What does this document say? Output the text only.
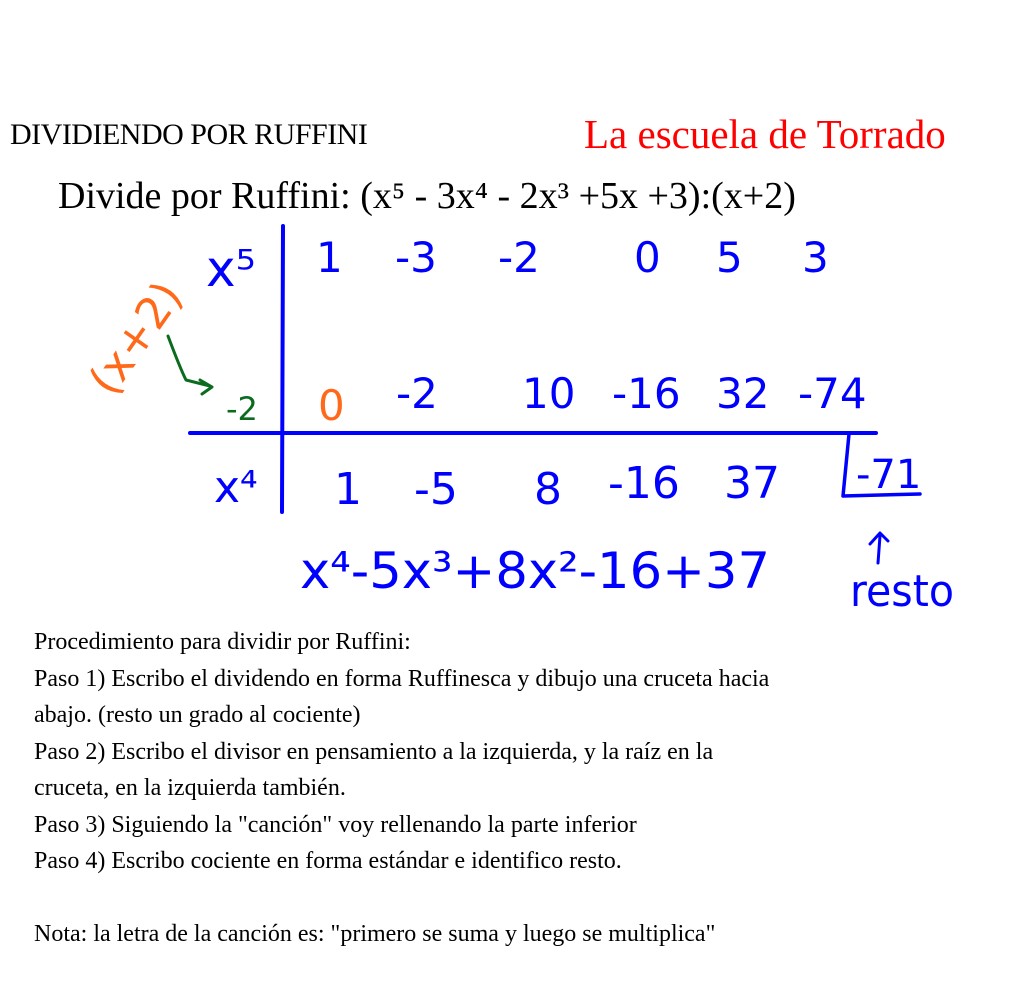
DIVIDIENDO POR RUFFINI	La escuela de Torrado
Divide por Ruffini: (x⁵ - 3x⁴ - 2x³ +5x +3):(x+2)
x⁵ 1 -3 -2 0 5 3
(x+2)
-2 0 -2 10 -16 32 -74
x⁴ 1 -5 8 -16 37 -71
x⁴-5x³+8x²-16+37 resto
Procedimiento para dividir por Ruffini:
Paso 1) Escribo el dividendo en forma Ruffinesca y dibujo una cruceta hacia
abajo. (resto un grado al cociente)
Paso 2) Escribo el divisor en pensamiento a la izquierda, y la raíz en la
cruceta, en la izquierda también.
Paso 3) Siguiendo la "canción" voy rellenando la parte inferior
Paso 4) Escribo cociente en forma estándar e identifico resto.
Nota: la letra de la canción es: "primero se suma y luego se multiplica"
